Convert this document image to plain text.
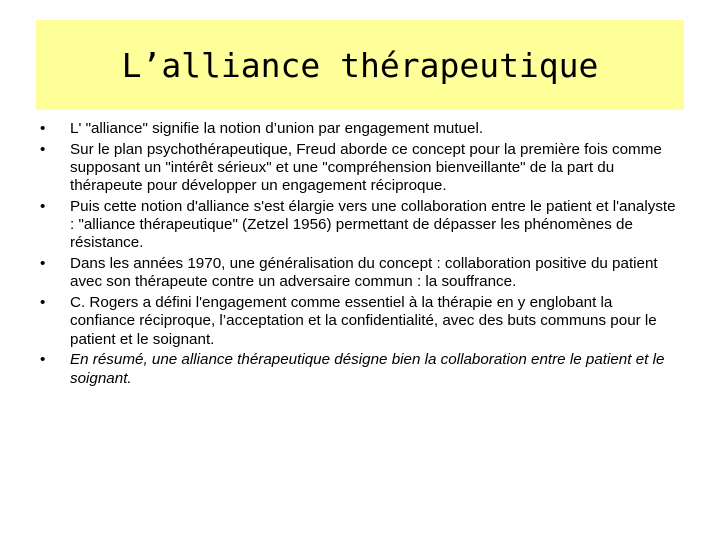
L’alliance thérapeutique
•	L' "alliance" signifie la notion d’union par engagement mutuel.
•	Sur le plan psychothérapeutique, Freud aborde ce concept pour la première fois comme supposant un "intérêt sérieux" et une "compréhension bienveillante" de la part du thérapeute pour développer un engagement réciproque.
•	Puis cette notion d'alliance s'est élargie vers une collaboration entre le patient et l'analyste : "alliance thérapeutique" (Zetzel 1956) permettant de dépasser les phénomènes de résistance.
•	Dans les années 1970, une généralisation du concept : collaboration positive du patient avec son thérapeute contre un adversaire commun : la souffrance.
•	C. Rogers a défini l'engagement comme essentiel à la thérapie en y englobant la confiance réciproque, l’acceptation et la confidentialité, avec des buts communs pour le patient et le soignant.
•	En résumé, une alliance thérapeutique désigne bien la collaboration entre le patient et le soignant.
